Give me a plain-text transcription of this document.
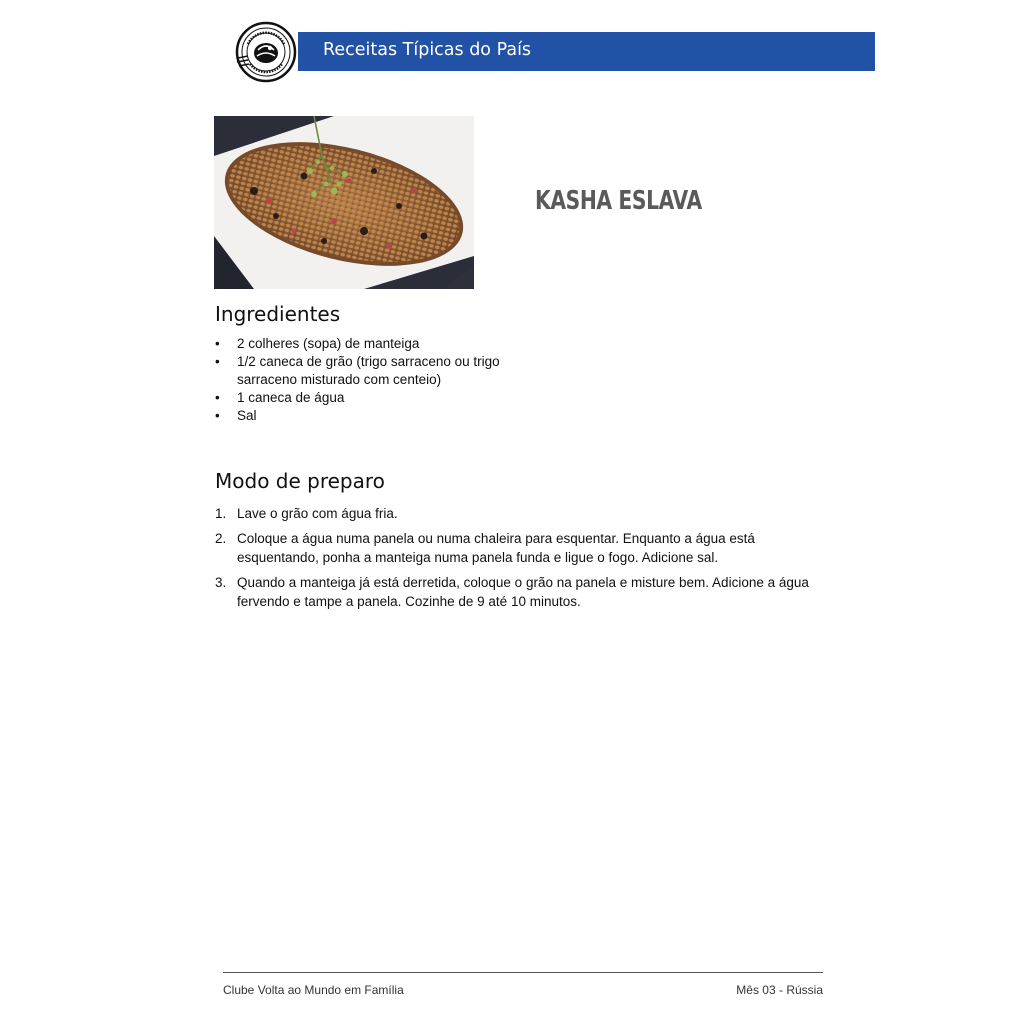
Receitas Típicas do País
KASHA ESLAVA
Ingredientes
• 2 colheres (sopa) de manteiga
• 1/2 caneca de grão (trigo sarraceno ou trigo sarraceno misturado com centeio)
• 1 caneca de água
• Sal
Modo de preparo
1. Lave o grão com água fria.
2. Coloque a água numa panela ou numa chaleira para esquentar. Enquanto a água está esquentando, ponha a manteiga numa panela funda e ligue o fogo. Adicione sal.
3. Quando a manteiga já está derretida, coloque o grão na panela e misture bem. Adicione a água fervendo e tampe a panela. Cozinhe de 9 até 10 minutos.
Clube Volta ao Mundo em Família	Mês 03 - Rússia
